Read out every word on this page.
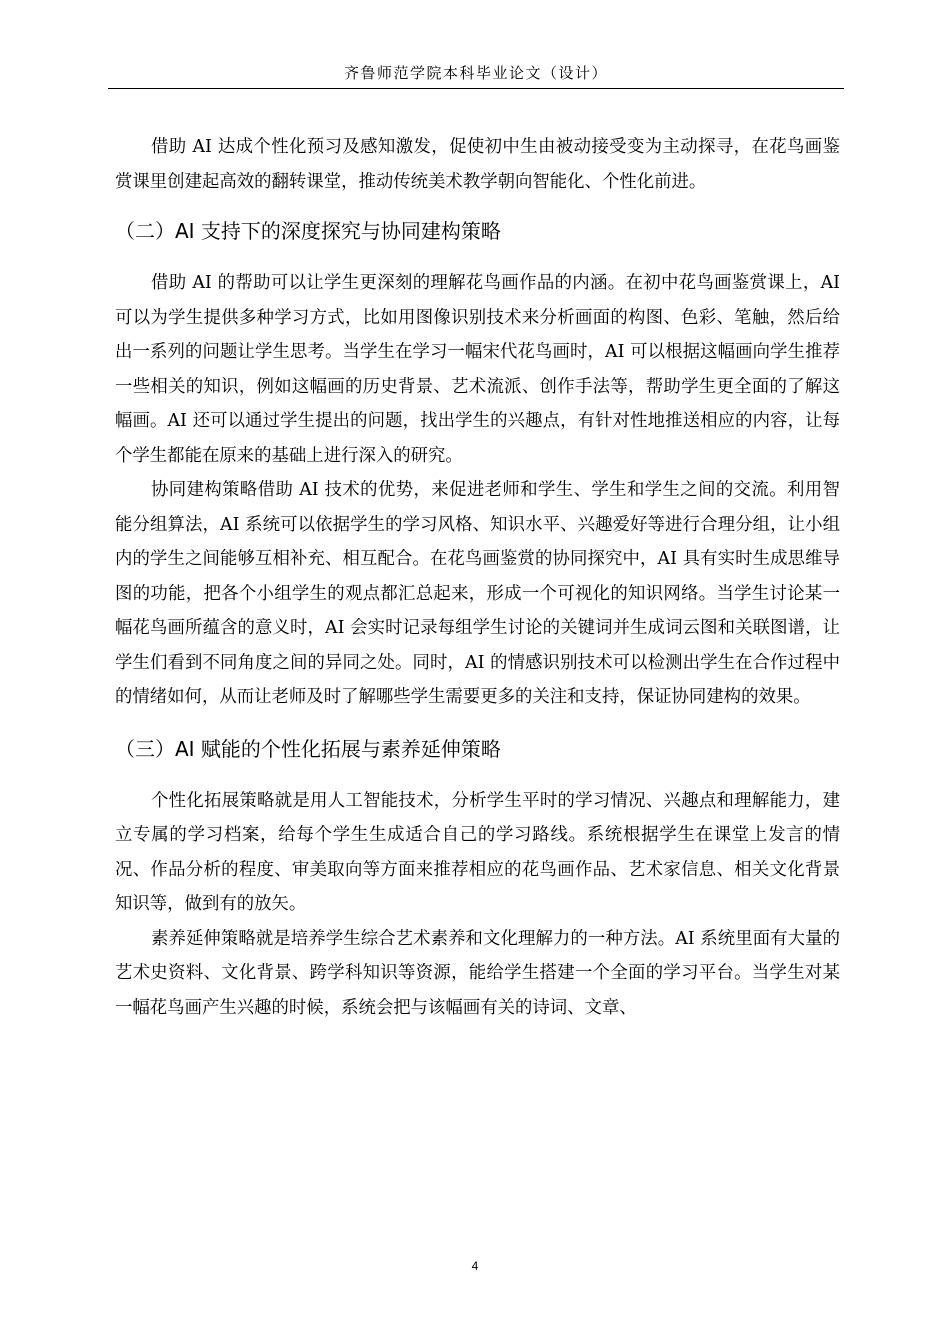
齐鲁师范学院本科毕业论文（设计）

借助 AI 达成个性化预习及感知激发，促使初中生由被动接受变为主动探寻，在花鸟画鉴赏课里创建起高效的翻转课堂，推动传统美术教学朝向智能化、个性化前进。

（二）AI 支持下的深度探究与协同建构策略

借助 AI 的帮助可以让学生更深刻的理解花鸟画作品的内涵。在初中花鸟画鉴赏课上，AI 可以为学生提供多种学习方式，比如用图像识别技术来分析画面的构图、色彩、笔触，然后给出一系列的问题让学生思考。当学生在学习一幅宋代花鸟画时，AI 可以根据这幅画向学生推荐一些相关的知识，例如这幅画的历史背景、艺术流派、创作手法等，帮助学生更全面的了解这幅画。AI 还可以通过学生提出的问题，找出学生的兴趣点，有针对性地推送相应的内容，让每个学生都能在原来的基础上进行深入的研究。

协同建构策略借助 AI 技术的优势，来促进老师和学生、学生和学生之间的交流。利用智能分组算法，AI 系统可以依据学生的学习风格、知识水平、兴趣爱好等进行合理分组，让小组内的学生之间能够互相补充、相互配合。在花鸟画鉴赏的协同探究中，AI 具有实时生成思维导图的功能，把各个小组学生的观点都汇总起来，形成一个可视化的知识网络。当学生讨论某一幅花鸟画所蕴含的意义时，AI 会实时记录每组学生讨论的关键词并生成词云图和关联图谱，让学生们看到不同角度之间的异同之处。同时，AI 的情感识别技术可以检测出学生在合作过程中的情绪如何，从而让老师及时了解哪些学生需要更多的关注和支持，保证协同建构的效果。

（三）AI 赋能的个性化拓展与素养延伸策略

个性化拓展策略就是用人工智能技术，分析学生平时的学习情况、兴趣点和理解能力，建立专属的学习档案，给每个学生生成适合自己的学习路线。系统根据学生在课堂上发言的情况、作品分析的程度、审美取向等方面来推荐相应的花鸟画作品、艺术家信息、相关文化背景知识等，做到有的放矢。

素养延伸策略就是培养学生综合艺术素养和文化理解力的一种方法。AI 系统里面有大量的艺术史资料、文化背景、跨学科知识等资源，能给学生搭建一个全面的学习平台。当学生对某一幅花鸟画产生兴趣的时候，系统会把与该幅画有关的诗词、文章、

4
